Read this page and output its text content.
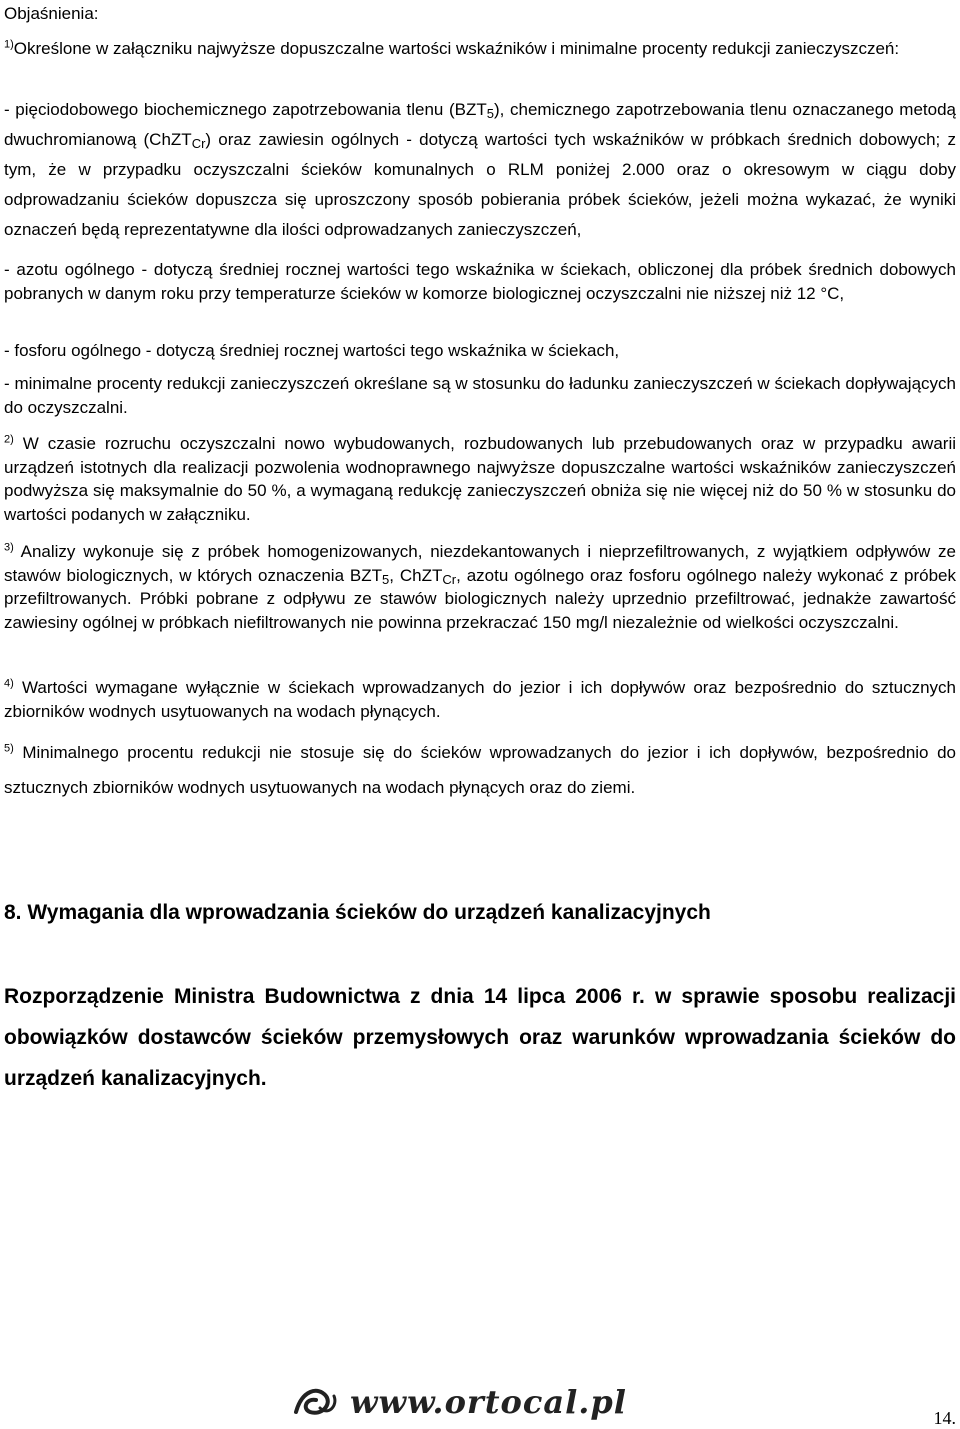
Objaśnienia:

$^{1)}$Określone w załączniku najwyższe dopuszczalne wartości wskaźników i minimalne procenty redukcji zanieczyszczeń:

- pięciodobowego biochemicznego zapotrzebowania tlenu $(BZT_5)$, chemicznego zapotrzebowania tlenu oznaczanego metodą dwuchromianową (ChZT$_{Cr}$) oraz zawiesin ogólnych - dotyczą wartości tych wskaźników w próbkach średnich dobowych; z tym, że w przypadku oczyszczalni ścieków komunalnych o RLM poniżej 2.000 oraz o okresowym w ciągu doby odprowadzaniu ścieków dopuszcza się uproszczony sposób pobierania próbek ścieków, jeżeli można wykazać, że wyniki oznaczeń będą reprezentatywne dla ilości odprowadzanych zanieczyszczeń,

- azotu ogólnego - dotyczą średniej rocznej wartości tego wskaźnika w ściekach, obliczonej dla próbek średnich dobowych pobranych w danym roku przy temperaturze ścieków w komorze biologicznej oczyszczalni nie niższej niż 12 °C,

- fosforu ogólnego - dotyczą średniej rocznej wartości tego wskaźnika w ściekach,

- minimalne procenty redukcji zanieczyszczeń określane są w stosunku do ładunku zanieczyszczeń w ściekach dopływających do oczyszczalni.

$^{2)}$ W czasie rozruchu oczyszczalni nowo wybudowanych, rozbudowanych lub przebudowanych oraz w przypadku awarii urządzeń istotnych dla realizacji pozwolenia wodnoprawnego najwyższe dopuszczalne wartości wskaźników zanieczyszczeń podwyższa się maksymalnie do 50 %, a wymaganą redukcję zanieczyszczeń obniża się nie więcej niż do 50 % w stosunku do wartości podanych w załączniku.

$^{3)}$ Analizy wykonuje się z próbek homogenizowanych, niezdekantowanych i nieprzefiltrowanych, z wyjątkiem odpływów ze stawów biologicznych, w których oznaczenia $BZT_5$, ChZT$_{Cr}$, azotu ogólnego oraz fosforu ogólnego należy wykonać z próbek przefiltrowanych. Próbki pobrane z odpływu ze stawów biologicznych należy uprzednio przefiltrować, jednakże zawartość zawiesiny ogólnej w próbkach niefiltrowanych nie powinna przekraczać 150 mg/l niezależnie od wielkości oczyszczalni.

$^{4)}$ Wartości wymagane wyłącznie w ściekach wprowadzanych do jezior i ich dopływów oraz bezpośrednio do sztucznych zbiorników wodnych usytuowanych na wodach płynących.

$^{5)}$ Minimalnego procentu redukcji nie stosuje się do ścieków wprowadzanych do jezior i ich dopływów, bezpośrednio do sztucznych zbiorników wodnych usytuowanych na wodach płynących oraz do ziemi.

8. Wymagania dla wprowadzania ścieków do urządzeń kanalizacyjnych

Rozporządzenie Ministra Budownictwa z dnia 14 lipca 2006 r. w sprawie sposobu realizacji obowiązków dostawców ścieków przemysłowych oraz warunków wprowadzania ścieków do urządzeń kanalizacyjnych.

www.ortocal.pl	14.
